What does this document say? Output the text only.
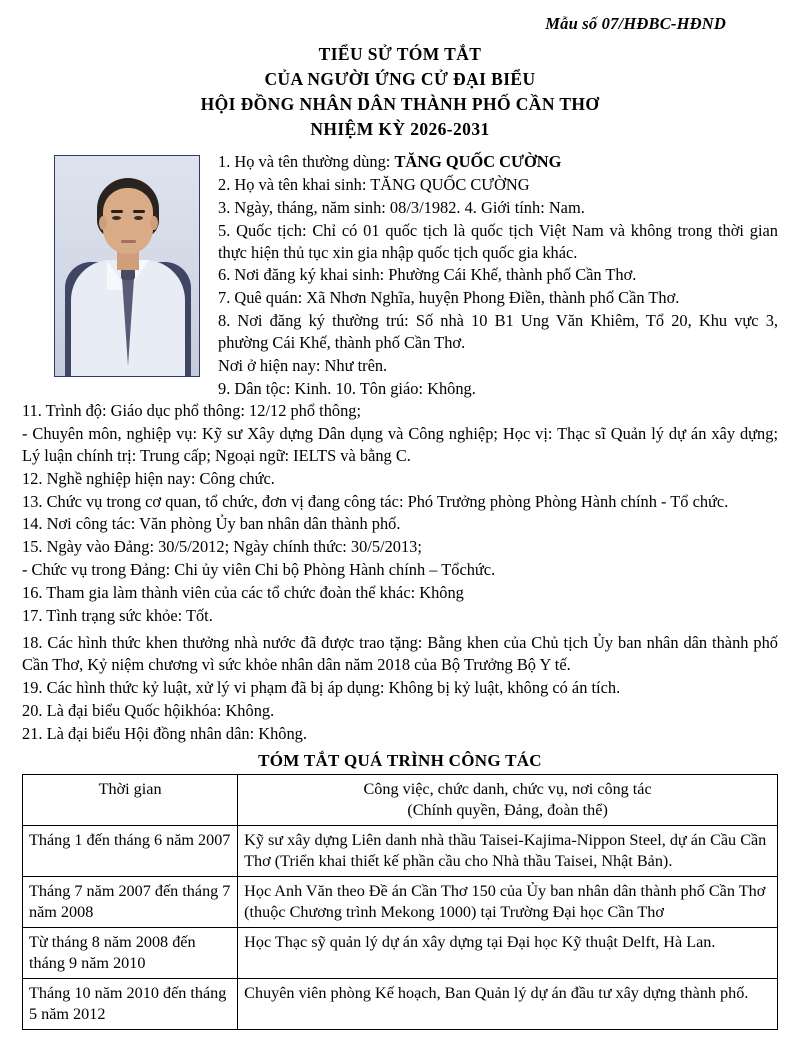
Mẫu số 07/HĐBC-HĐND
TIỂU SỬ TÓM TẮT
CỦA NGƯỜI ỨNG CỬ ĐẠI BIỂU
HỘI ĐỒNG NHÂN DÂN THÀNH PHỐ CẦN THƠ
NHIỆM KỲ 2026-2031

1. Họ và tên thường dùng: TĂNG QUỐC CƯỜNG

2. Họ và tên khai sinh: TĂNG QUỐC CƯỜNG

3. Ngày, tháng, năm sinh: 08/3/1982. 4. Giới tính: Nam.

5. Quốc tịch: Chỉ có 01 quốc tịch là quốc tịch Việt Nam và không trong thời gian thực hiện thủ tục xin gia nhập quốc tịch quốc gia khác.

6. Nơi đăng ký khai sinh: Phường Cái Khế, thành phố Cần Thơ.

7. Quê quán: Xã Nhơn Nghĩa, huyện Phong Điền, thành phố Cần Thơ.

8. Nơi đăng ký thường trú: Số nhà 10 B1 Ung Văn Khiêm, Tổ 20, Khu vực 3, phường Cái Khế, thành phố Cần Thơ.

Nơi ở hiện nay: Như trên.

9. Dân tộc: Kinh. 10. Tôn giáo: Không.

11. Trình độ: Giáo dục phổ thông: 12/12 phổ thông;

- Chuyên môn, nghiệp vụ: Kỹ sư Xây dựng Dân dụng và Công nghiệp; Học vị: Thạc sĩ Quản lý dự án xây dựng; Lý luận chính trị: Trung cấp; Ngoại ngữ: IELTS và bằng C.

12. Nghề nghiệp hiện nay: Công chức.

13. Chức vụ trong cơ quan, tổ chức, đơn vị đang công tác: Phó Trưởng phòng Phòng Hành chính - Tổ chức.

14. Nơi công tác: Văn phòng Ủy ban nhân dân thành phố.

15. Ngày vào Đảng: 30/5/2012; Ngày chính thức: 30/5/2013;

- Chức vụ trong Đảng: Chi ủy viên Chi bộ Phòng Hành chính – Tổchức.

16. Tham gia làm thành viên của các tổ chức đoàn thể khác: Không

17. Tình trạng sức khỏe: Tốt.

18. Các hình thức khen thưởng nhà nước đã được trao tặng: Bằng khen của Chủ tịch Ủy ban nhân dân thành phố Cần Thơ, Kỷ niệm chương vì sức khỏe nhân dân năm 2018 của Bộ Trưởng Bộ Y tế.

19. Các hình thức kỷ luật, xử lý vi phạm đã bị áp dụng: Không bị kỷ luật, không có án tích.

20. Là đại biểu Quốc hộikhóa: Không.

21. Là đại biểu Hội đồng nhân dân: Không.

TÓM TẮT QUÁ TRÌNH CÔNG TÁC
Thời gian	Công việc, chức danh, chức vụ, nơi công tác
(Chính quyền, Đảng, đoàn thể)

Tháng 1 đến tháng 6 năm 2007	Kỹ sư xây dựng Liên danh nhà thầu Taisei-Kajima-Nippon Steel, dự án Cầu Cần Thơ (Triển khai thiết kế phần cầu cho Nhà thầu Taisei, Nhật Bản).
Tháng 7 năm 2007 đến tháng 7 năm 2008	Học Anh Văn theo Đề án Cần Thơ 150 của Ủy ban nhân dân thành phố Cần Thơ (thuộc Chương trình Mekong 1000) tại Trường Đại học Cần Thơ
Từ tháng 8 năm 2008 đến tháng 9 năm 2010	Học Thạc sỹ quản lý dự án xây dựng tại Đại học Kỹ thuật Delft, Hà Lan.
Tháng 10 năm 2010 đến tháng 5 năm 2012	Chuyên viên phòng Kế hoạch, Ban Quản lý dự án đầu tư xây dựng thành phố.
